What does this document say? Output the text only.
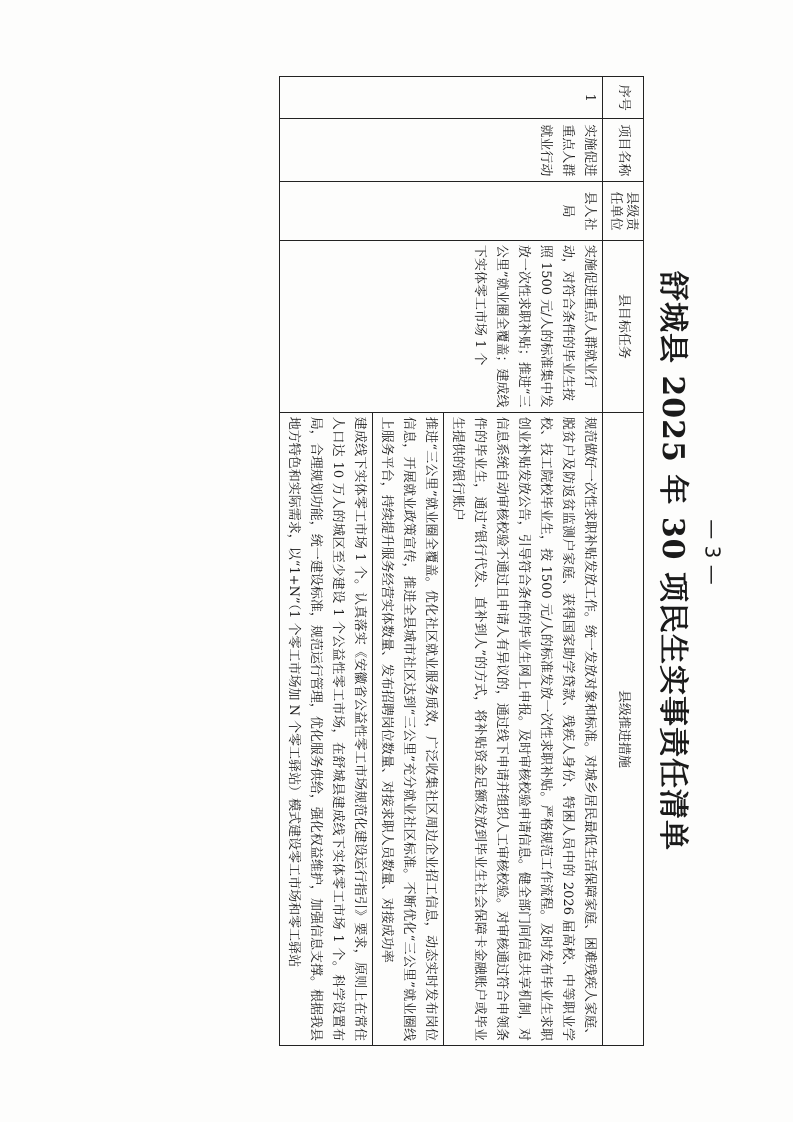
舒城县 2025 年 30 项民生实事责任清单
序号	项目名称	县级责任单位	县目标任务	县级推进措施
1	实施促进重点人群就业行动	县人社局	实施促进重点人群就业行动，对符合条件的毕业生按照 1500 元/人的标准集中发放一次性求职补贴；推进“三公里”就业圈全覆盖；建成线下实体零工市场 1 个	规范做好一次性求职补贴发放工作。统一发放对象和标准。对城乡居民最低生活保障家庭、困难残疾人家庭、脱贫户及防返贫监测户家庭、获得国家助学贷款、残疾人身份、特困人员中的 2026 届高校、中等职业学校、技工院校毕业生，按 1500 元/人的标准发放一次性求职补贴。严格规范工作流程。及时发布毕业生求职创业补贴发放公告，引导符合条件的毕业生网上申报。及时审核校验申请信息。健全部门间信息共享机制，对信息系统自动审核校验不通过且申请人有异议的，通过线下申请并组织人工审核校验。对审核通过符合申领条件的毕业生，通过“银行代发、直补到人”的方式，将补贴资金足额发放到毕业生社会保障卡金融账户或毕业生提供的银行账户
				推进“三公里”就业圈全覆盖。优化社区就业服务质效，广泛收集社区周边企业招工信息，动态实时发布岗位信息，开展就业政策宣传，推进全县城市社区达到“三公里”充分就业社区标准。不断优化“三公里”就业圈线上服务平台，持续提升服务经营实体数量、发布招聘岗位数量、对接求职人员数量、对接成功率
				建成线下实体零工市场 1 个。认真落实《安徽省公益性零工市场规范化建设运行指引》要求，原则上在常住人口达 10 万人的城区至少建设 1 个公益性零工市场，在舒城县建成线下实体零工市场 1 个。科学设置布局，合理规划功能，统一建设标准，规范运行管理，优化服务供给，强化权益维护，加强信息支撑。根据我县地方特色和实际需求，以“1+N”（1 个零工市场加 N 个零工驿站）模式建设零工市场和零工驿站	— 3 —
